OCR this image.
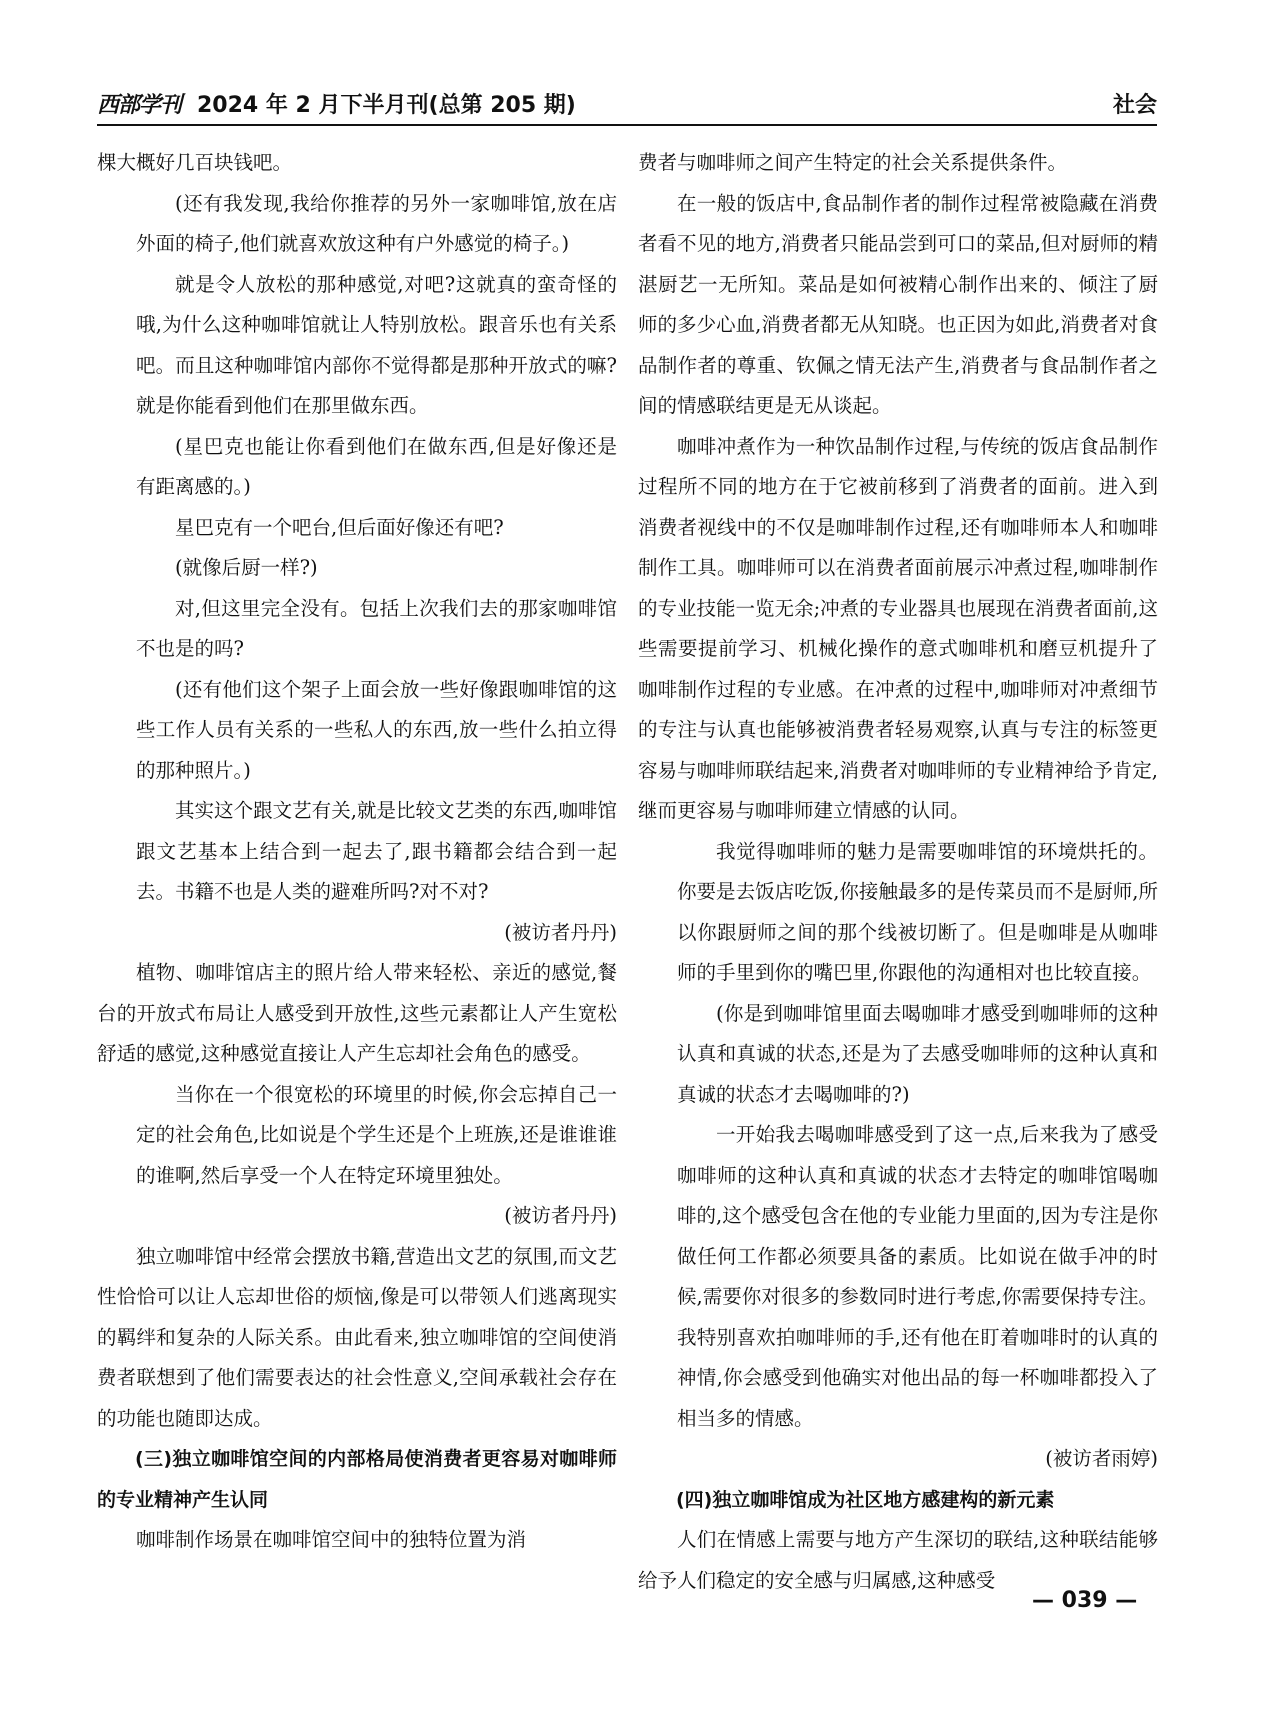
西部学刊 2024 年 2 月下半月刊(总第 205 期)	社会

棵大概好几百块钱吧。

(还有我发现,我给你推荐的另外一家咖啡馆,放在店外面的椅子,他们就喜欢放这种有户外感觉的椅子。)

就是令人放松的那种感觉,对吧?这就真的蛮奇怪的哦,为什么这种咖啡馆就让人特别放松。跟音乐也有关系吧。而且这种咖啡馆内部你不觉得都是那种开放式的嘛?就是你能看到他们在那里做东西。

(星巴克也能让你看到他们在做东西,但是好像还是有距离感的。)

星巴克有一个吧台,但后面好像还有吧?

(就像后厨一样?)

对,但这里完全没有。包括上次我们去的那家咖啡馆不也是的吗?

(还有他们这个架子上面会放一些好像跟咖啡馆的这些工作人员有关系的一些私人的东西,放一些什么拍立得的那种照片。)

其实这个跟文艺有关,就是比较文艺类的东西,咖啡馆跟文艺基本上结合到一起去了,跟书籍都会结合到一起去。书籍不也是人类的避难所吗?对不对?

(被访者丹丹)

植物、咖啡馆店主的照片给人带来轻松、亲近的感觉,餐台的开放式布局让人感受到开放性,这些元素都让人产生宽松舒适的感觉,这种感觉直接让人产生忘却社会角色的感受。

当你在一个很宽松的环境里的时候,你会忘掉自己一定的社会角色,比如说是个学生还是个上班族,还是谁谁谁的谁啊,然后享受一个人在特定环境里独处。

(被访者丹丹)

独立咖啡馆中经常会摆放书籍,营造出文艺的氛围,而文艺性恰恰可以让人忘却世俗的烦恼,像是可以带领人们逃离现实的羁绊和复杂的人际关系。由此看来,独立咖啡馆的空间使消费者联想到了他们需要表达的社会性意义,空间承载社会存在的功能也随即达成。

(三)独立咖啡馆空间的内部格局使消费者更容易对咖啡师的专业精神产生认同

咖啡制作场景在咖啡馆空间中的独特位置为消

费者与咖啡师之间产生特定的社会关系提供条件。

在一般的饭店中,食品制作者的制作过程常被隐藏在消费者看不见的地方,消费者只能品尝到可口的菜品,但对厨师的精湛厨艺一无所知。菜品是如何被精心制作出来的、倾注了厨师的多少心血,消费者都无从知晓。也正因为如此,消费者对食品制作者的尊重、钦佩之情无法产生,消费者与食品制作者之间的情感联结更是无从谈起。

咖啡冲煮作为一种饮品制作过程,与传统的饭店食品制作过程所不同的地方在于它被前移到了消费者的面前。进入到消费者视线中的不仅是咖啡制作过程,还有咖啡师本人和咖啡制作工具。咖啡师可以在消费者面前展示冲煮过程,咖啡制作的专业技能一览无余;冲煮的专业器具也展现在消费者面前,这些需要提前学习、机械化操作的意式咖啡机和磨豆机提升了咖啡制作过程的专业感。在冲煮的过程中,咖啡师对冲煮细节的专注与认真也能够被消费者轻易观察,认真与专注的标签更容易与咖啡师联结起来,消费者对咖啡师的专业精神给予肯定,继而更容易与咖啡师建立情感的认同。

我觉得咖啡师的魅力是需要咖啡馆的环境烘托的。你要是去饭店吃饭,你接触最多的是传菜员而不是厨师,所以你跟厨师之间的那个线被切断了。但是咖啡是从咖啡师的手里到你的嘴巴里,你跟他的沟通相对也比较直接。

(你是到咖啡馆里面去喝咖啡才感受到咖啡师的这种认真和真诚的状态,还是为了去感受咖啡师的这种认真和真诚的状态才去喝咖啡的?)

一开始我去喝咖啡感受到了这一点,后来我为了感受咖啡师的这种认真和真诚的状态才去特定的咖啡馆喝咖啡的,这个感受包含在他的专业能力里面的,因为专注是你做任何工作都必须要具备的素质。比如说在做手冲的时候,需要你对很多的参数同时进行考虑,你需要保持专注。我特别喜欢拍咖啡师的手,还有他在盯着咖啡时的认真的神情,你会感受到他确实对他出品的每一杯咖啡都投入了相当多的情感。

(被访者雨婷)

(四)独立咖啡馆成为社区地方感建构的新元素

人们在情感上需要与地方产生深切的联结,这种联结能够给予人们稳定的安全感与归属感,这种感受

— 039 —
